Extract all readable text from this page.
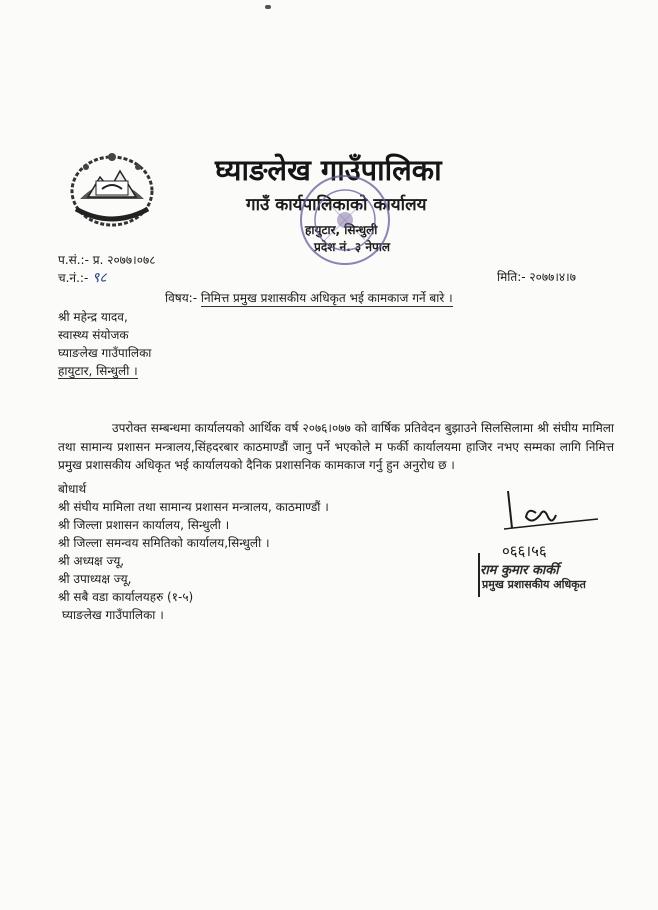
घ्याङलेख गाउँपालिका
गाउँ कार्यपालिकाको कार्यालय
हायुटार, सिन्धुली
प्रदेश नं. ३ नेपाल
प.सं.:- प्र. २०७७।०७८
च.नं.:- ९८	मिति:- २०७७।४।७
विषय:- निमित्त प्रमुख प्रशासकीय अधिकृत भई कामकाज गर्ने बारे ।
श्री महेन्द्र यादव,
स्वास्थ्य संयोजक
घ्याङलेख गाउँपालिका
हायुटार, सिन्धुली ।
उपरोक्त सम्बन्धमा कार्यालयको आर्थिक वर्ष २०७६।०७७ को वार्षिक प्रतिवेदन बुझाउने सिलसिलामा श्री संघीय मामिला तथा सामान्य प्रशासन मन्त्रालय,सिंहदरबार काठमाण्डौं जानु पर्ने भएकोले म फर्की कार्यालयमा हाजिर नभए सम्मका लागि निमित्त प्रमुख प्रशासकीय अधिकृत भई कार्यालयको दैनिक प्रशासनिक कामकाज गर्नु हुन अनुरोध छ ।
बोधार्थ
श्री संघीय मामिला तथा सामान्य प्रशासन मन्त्रालय, काठमाण्डौं ।
श्री जिल्ला प्रशासन कार्यालय, सिन्धुली ।
श्री जिल्ला समन्वय समितिको कार्यालय,सिन्धुली ।
श्री अध्यक्ष ज्यू,
श्री उपाध्यक्ष ज्यू,
श्री सबै वडा कार्यालयहरु (१-५)
घ्याङलेख गाउँपालिका ।
०६६।५६
राम कुमार कार्की
प्रमुख प्रशासकीय अधिकृत
